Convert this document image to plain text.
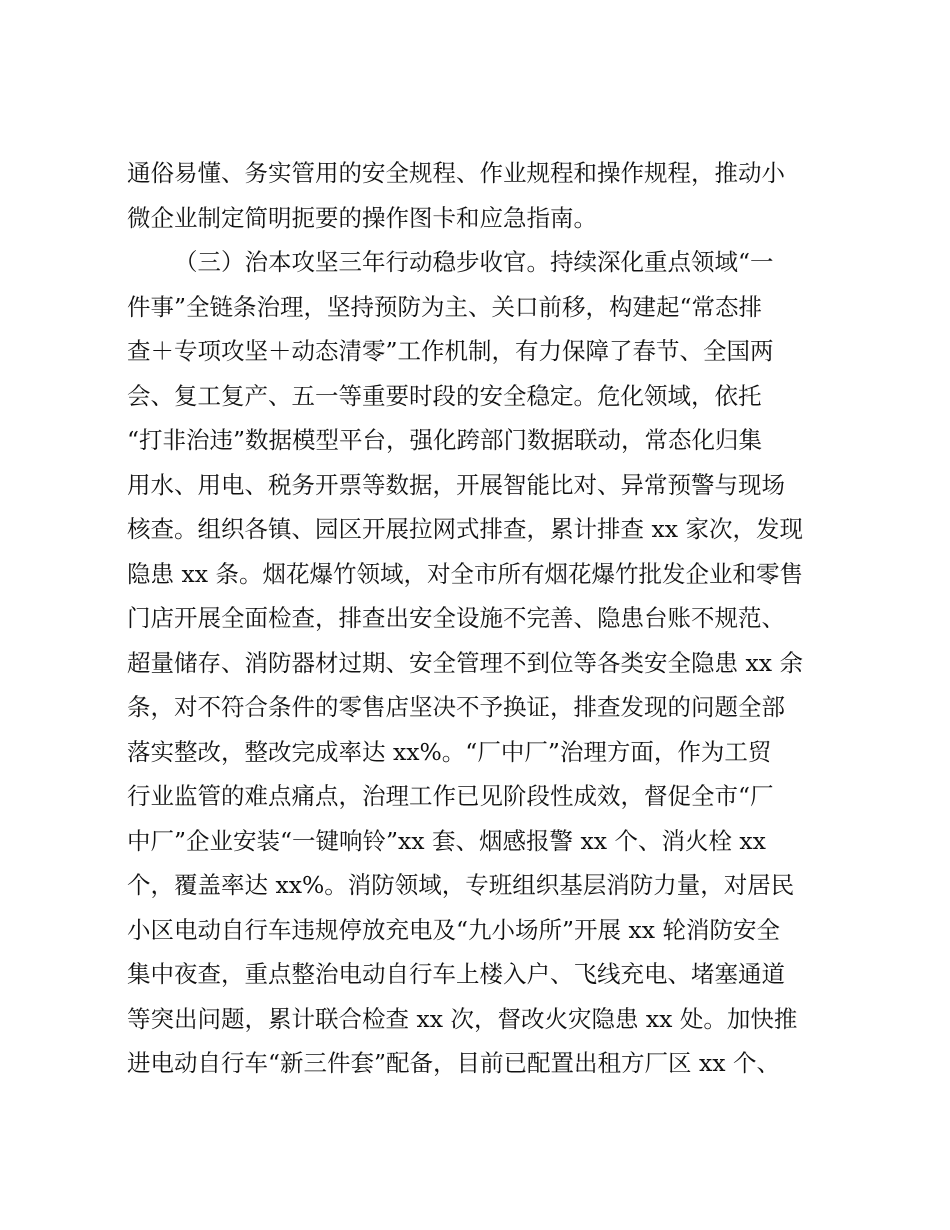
通俗易懂、务实管用的安全规程、作业规程和操作规程，推动小
微企业制定简明扼要的操作图卡和应急指南。
（三）治本攻坚三年行动稳步收官。持续深化重点领域“一
件事”全链条治理，坚持预防为主、关口前移，构建起“常态排
查＋专项攻坚＋动态清零”工作机制，有力保障了春节、全国两
会、复工复产、五一等重要时段的安全稳定。危化领域，依托
“打非治违”数据模型平台，强化跨部门数据联动，常态化归集
用水、用电、税务开票等数据，开展智能比对、异常预警与现场
核查。组织各镇、园区开展拉网式排查，累计排查 xx 家次，发现
隐患 xx 条。烟花爆竹领域，对全市所有烟花爆竹批发企业和零售
门店开展全面检查，排查出安全设施不完善、隐患台账不规范、
超量储存、消防器材过期、安全管理不到位等各类安全隐患 xx 余
条，对不符合条件的零售店坚决不予换证，排查发现的问题全部
落实整改，整改完成率达 xx%。“厂中厂”治理方面，作为工贸
行业监管的难点痛点，治理工作已见阶段性成效，督促全市“厂
中厂”企业安装“一键响铃”xx 套、烟感报警 xx 个、消火栓 xx
个，覆盖率达 xx%。消防领域，专班组织基层消防力量，对居民
小区电动自行车违规停放充电及“九小场所”开展 xx 轮消防安全
集中夜查，重点整治电动自行车上楼入户、飞线充电、堵塞通道
等突出问题，累计联合检查 xx 次，督改火灾隐患 xx 处。加快推
进电动自行车“新三件套”配备，目前已配置出租方厂区 xx 个、
